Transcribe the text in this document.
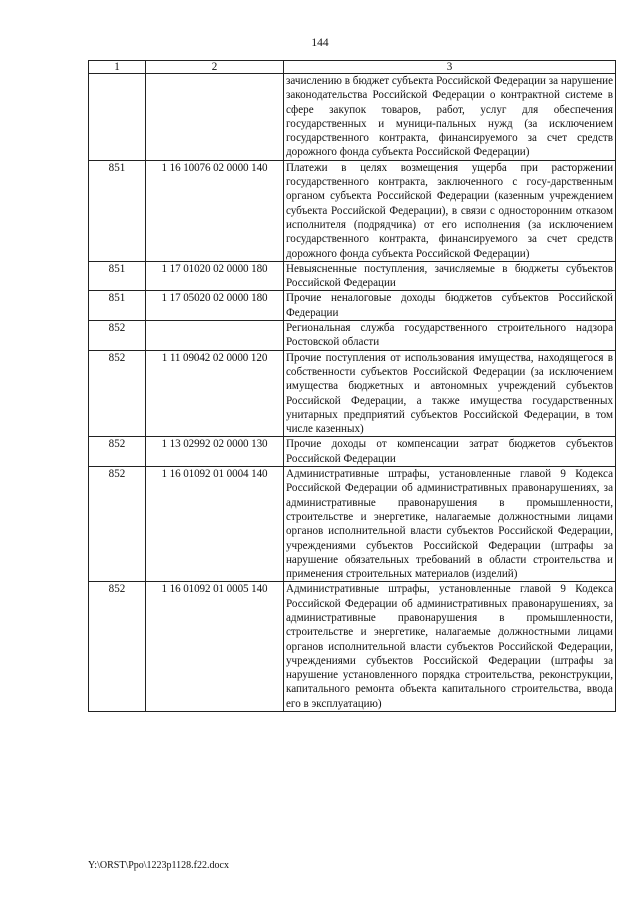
144
1	2	3
		зачислению в бюджет субъекта Российской Федерации за нарушение законодательства Российской Федерации о контрактной системе в сфере закупок товаров, работ, услуг для обеспечения государственных и муници-пальных нужд (за исключением государственного контракта, финансируемого за счет средств дорожного фонда субъекта Российской Федерации)
851	1 16 10076 02 0000 140	Платежи в целях возмещения ущерба при расторжении государственного контракта, заключенного с госу-дарственным органом субъекта Российской Федерации (казенным учреждением субъекта Российской Федерации), в связи с односторонним отказом исполнителя (подрядчика) от его исполнения (за исключением государственного контракта, финансируемого за счет средств дорожного фонда субъекта Российской Федерации)
851	1 17 01020 02 0000 180	Невыясненные поступления, зачисляемые в бюджеты субъектов Российской Федерации
851	1 17 05020 02 0000 180	Прочие неналоговые доходы бюджетов субъектов Российской Федерации
852		Региональная служба государственного строительного надзора Ростовской области
852	1 11 09042 02 0000 120	Прочие поступления от использования имущества, находящегося в собственности субъектов Российской Федерации (за исключением имущества бюджетных и автономных учреждений субъектов Российской Федерации, а также имущества государственных унитарных предприятий субъектов Российской Федерации, в том числе казенных)
852	1 13 02992 02 0000 130	Прочие доходы от компенсации затрат бюджетов субъектов Российской Федерации
852	1 16 01092 01 0004 140	Административные штрафы, установленные главой 9 Кодекса Российской Федерации об административных правонарушениях, за административные правонарушения в промышленности, строительстве и энергетике, налагаемые должностными лицами органов исполнительной власти субъектов Российской Федерации, учреждениями субъектов Российской Федерации (штрафы за нарушение обязательных требований в области строительства и применения строительных материалов (изделий)
852	1 16 01092 01 0005 140	Административные штрафы, установленные главой 9 Кодекса Российской Федерации об административных правонарушениях, за административные правонарушения в промышленности, строительстве и энергетике, налагаемые должностными лицами органов исполнительной власти субъектов Российской Федерации, учреждениями субъектов Российской Федерации (штрафы за нарушение установленного порядка строительства, реконструкции, капитального ремонта объекта капитального строительства, ввода его в эксплуатацию)
Y:\ORST\Ppo\1223p1128.f22.docx
